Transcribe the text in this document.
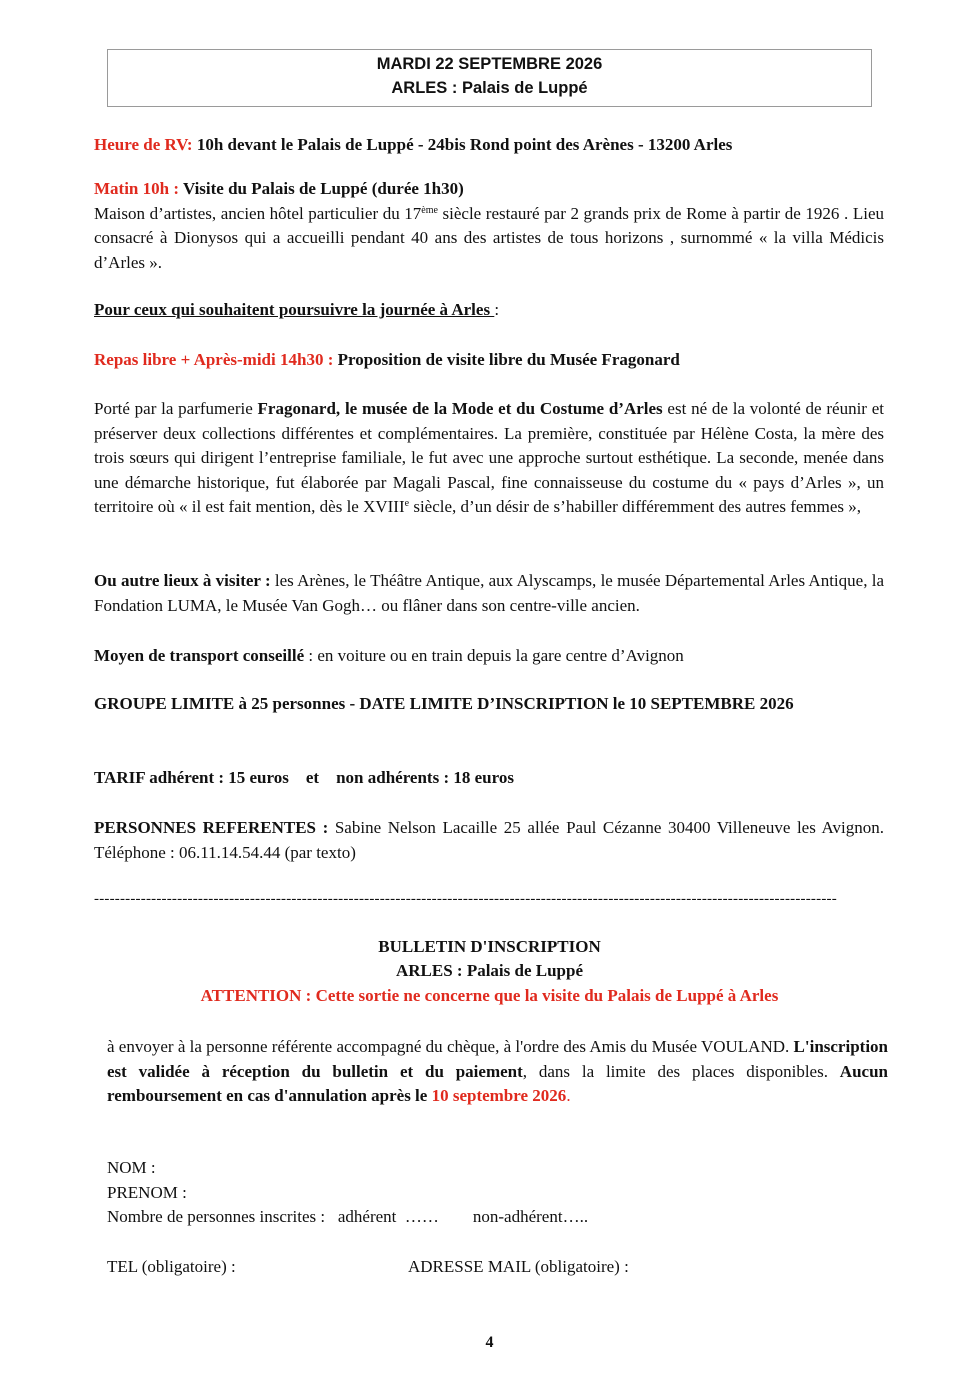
MARDI 22 SEPTEMBRE 2026
ARLES : Palais de Luppé
Heure de RV: 10h devant le Palais de Luppé - 24bis Rond point des Arènes - 13200 Arles
Matin 10h : Visite du Palais de Luppé (durée 1h30)
Maison d’artistes, ancien hôtel particulier du 17ème siècle restauré par 2 grands prix de Rome à partir de 1926 . Lieu consacré à Dionysos qui a accueilli pendant 40 ans des artistes de tous horizons , surnommé « la villa Médicis d’Arles ».
Pour ceux qui souhaitent poursuivre la journée à Arles :
Repas libre + Après-midi 14h30 : Proposition de visite libre du Musée Fragonard
Porté par la parfumerie Fragonard, le musée de la Mode et du Costume d’Arles est né de la volonté de réunir et préserver deux collections différentes et complémentaires. La première, constituée par Hélène Costa, la mère des trois sœurs qui dirigent l’entreprise familiale, le fut avec une approche surtout esthétique. La seconde, menée dans une démarche historique, fut élaborée par Magali Pascal, fine connaisseuse du costume du « pays d’Arles », un territoire où « il est fait mention, dès le XVIIIe siècle, d’un désir de s’habiller différemment des autres femmes »,
Ou autre lieux à visiter : les Arènes, le Théâtre Antique, aux Alyscamps, le musée Départemental Arles Antique, la Fondation LUMA, le Musée Van Gogh… ou flâner dans son centre-ville ancien.
Moyen de transport conseillé : en voiture ou en train depuis la gare centre d’Avignon
GROUPE LIMITE à 25 personnes - DATE LIMITE D’INSCRIPTION le 10 SEPTEMBRE 2026
TARIF adhérent : 15 euros    et    non adhérents : 18 euros
PERSONNES REFERENTES : Sabine Nelson Lacaille 25 allée Paul Cézanne 30400 Villeneuve les Avignon. Téléphone : 06.11.14.54.44 (par texto)
-----------------------------------------------------------------------------------------------------------------------------------------------
BULLETIN D'INSCRIPTION
ARLES : Palais de Luppé
ATTENTION : Cette sortie ne concerne que la visite du Palais de Luppé à Arles
à envoyer à la personne référente accompagné du chèque, à l'ordre des Amis du Musée VOULAND. L'inscription est validée à réception du bulletin et du paiement, dans la limite des places disponibles. Aucun remboursement en cas d'annulation après le 10 septembre 2026.
NOM :
PRENOM :
Nombre de personnes inscrites :   adhérent  ……        non-adhérent…..
TEL (obligatoire) :	ADRESSE MAIL (obligatoire) :
4
